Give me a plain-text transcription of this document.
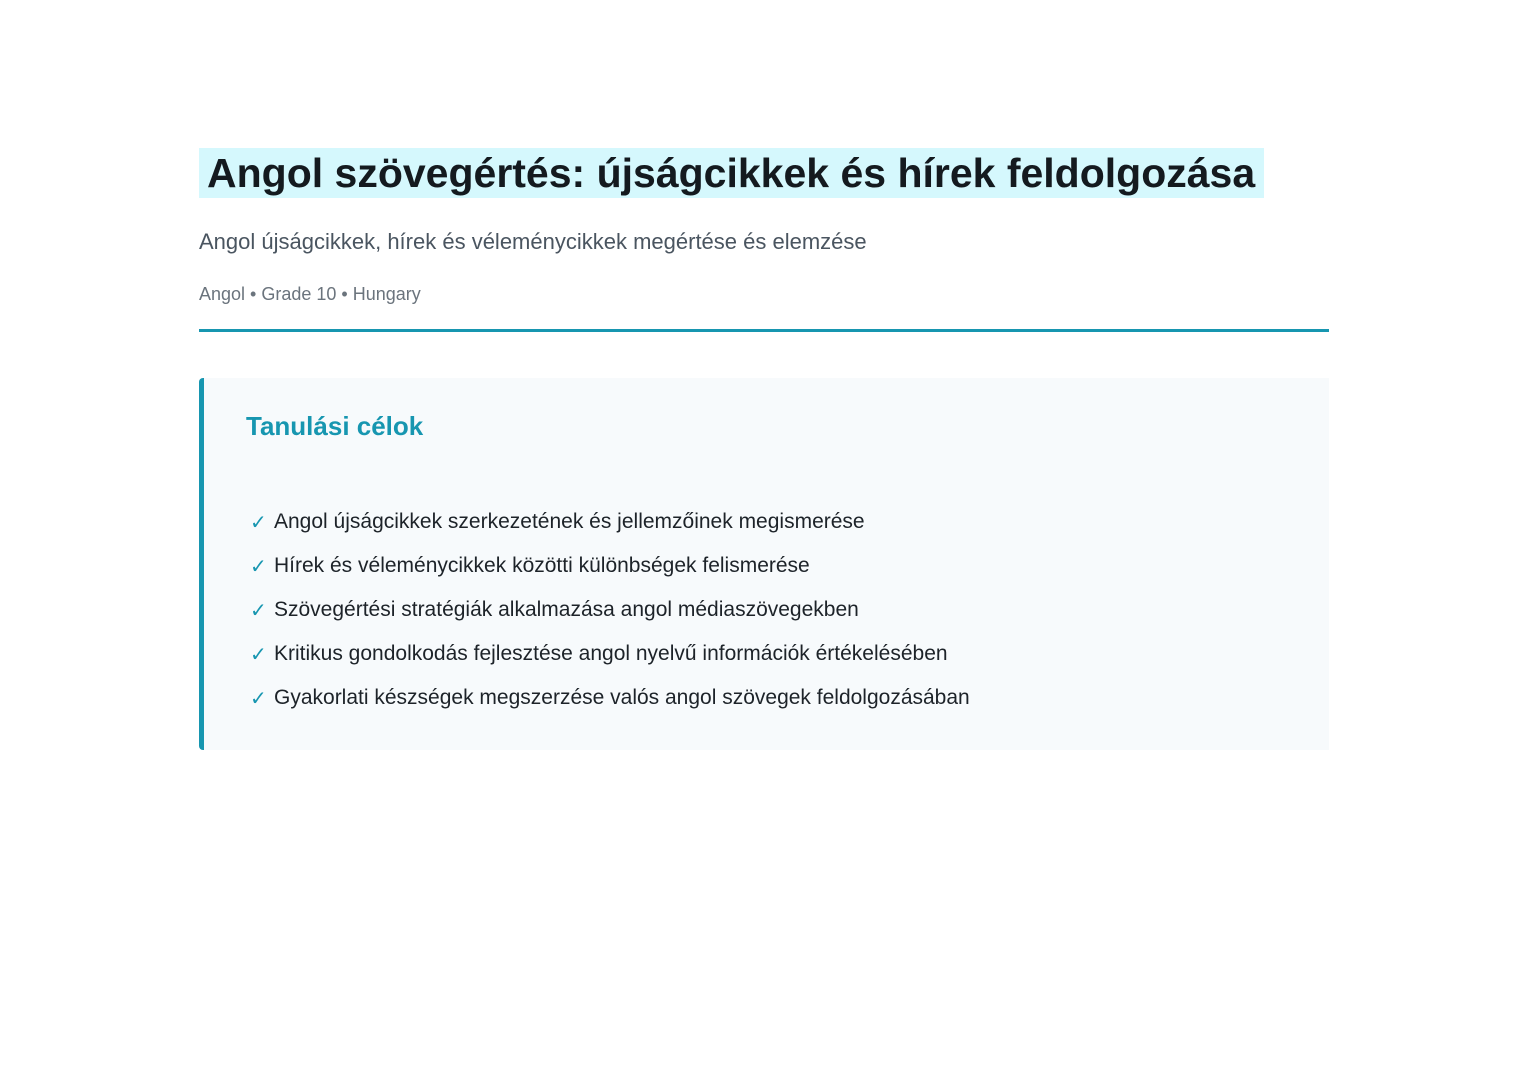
Angol szövegértés: újságcikkek és hírek feldolgozása

Angol újságcikkek, hírek és véleménycikkek megértése és elemzése

Angol • Grade 10 • Hungary

Tanulási célok
✓ Angol újságcikkek szerkezetének és jellemzőinek megismerése
✓ Hírek és véleménycikkek közötti különbségek felismerése
✓ Szövegértési stratégiák alkalmazása angol médiaszövegekben
✓ Kritikus gondolkodás fejlesztése angol nyelvű információk értékelésében
✓ Gyakorlati készségek megszerzése valós angol szövegek feldolgozásában
